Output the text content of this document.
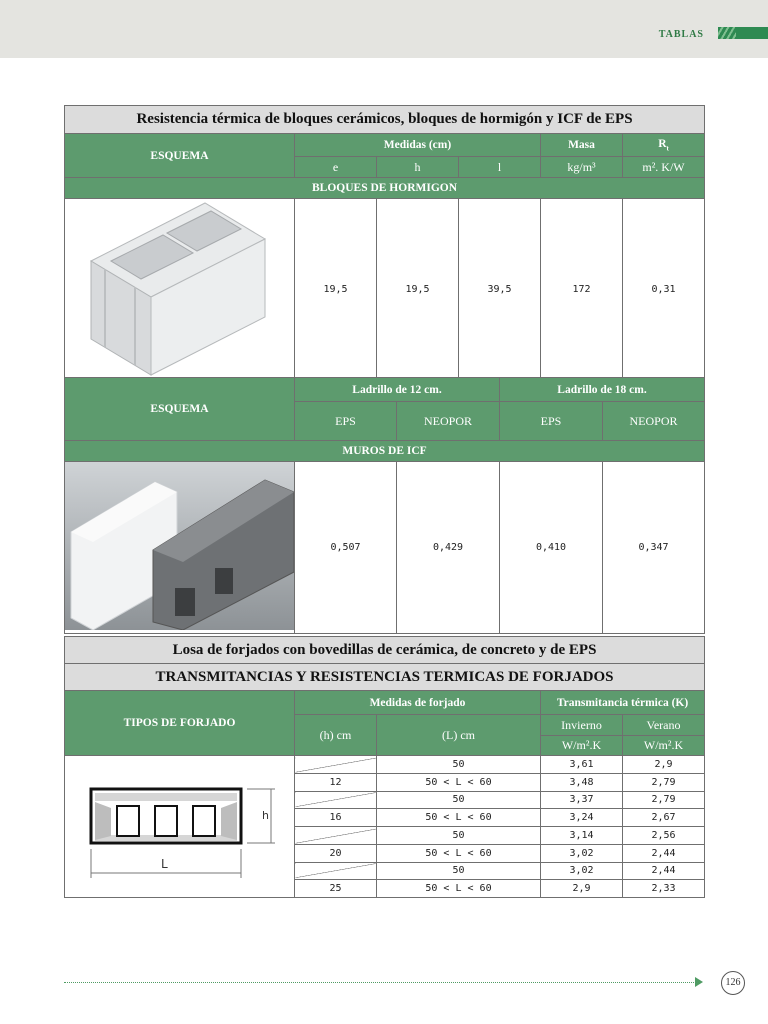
TABLAS
Resistencia térmica de bloques cerámicos, bloques de hormigón y ICF de EPS					
ESQUEMA	Medidas (cm)			Masa	$R_t$
	e	h	l	kg/m³	m². K/W
BLOQUES DE HORMIGON					
	19,5	19,5	39,5	172	0,31
ESQUEMA	Ladrillo de 12 cm.		Ladrillo de 18 cm.	
	EPS	NEOPOR	EPS	NEOPOR
MUROS DE ICF				
	0,507	0,429	0,410	0,347
Losa de forjados con bovedillas de cerámica, de concreto y de EPS				
TRANSMITANCIAS Y RESISTENCIAS TERMICAS DE FORJADOS				
TIPOS DE FORJADO	Medidas de forjado		Transmitancia térmica (K)	
	(h) cm	(L) cm	Invierno	Verano
			W/m².K	W/m².K

h
L		50	3,61	2,9
	12	50 < L < 60	3,48	2,79
		50	3,37	2,79
	16	50 < L < 60	3,24	2,67
		50	3,14	2,56
	20	50 < L < 60	3,02	2,44
		50	3,02	2,44
	25	50 < L < 60	2,9	2,33
126
